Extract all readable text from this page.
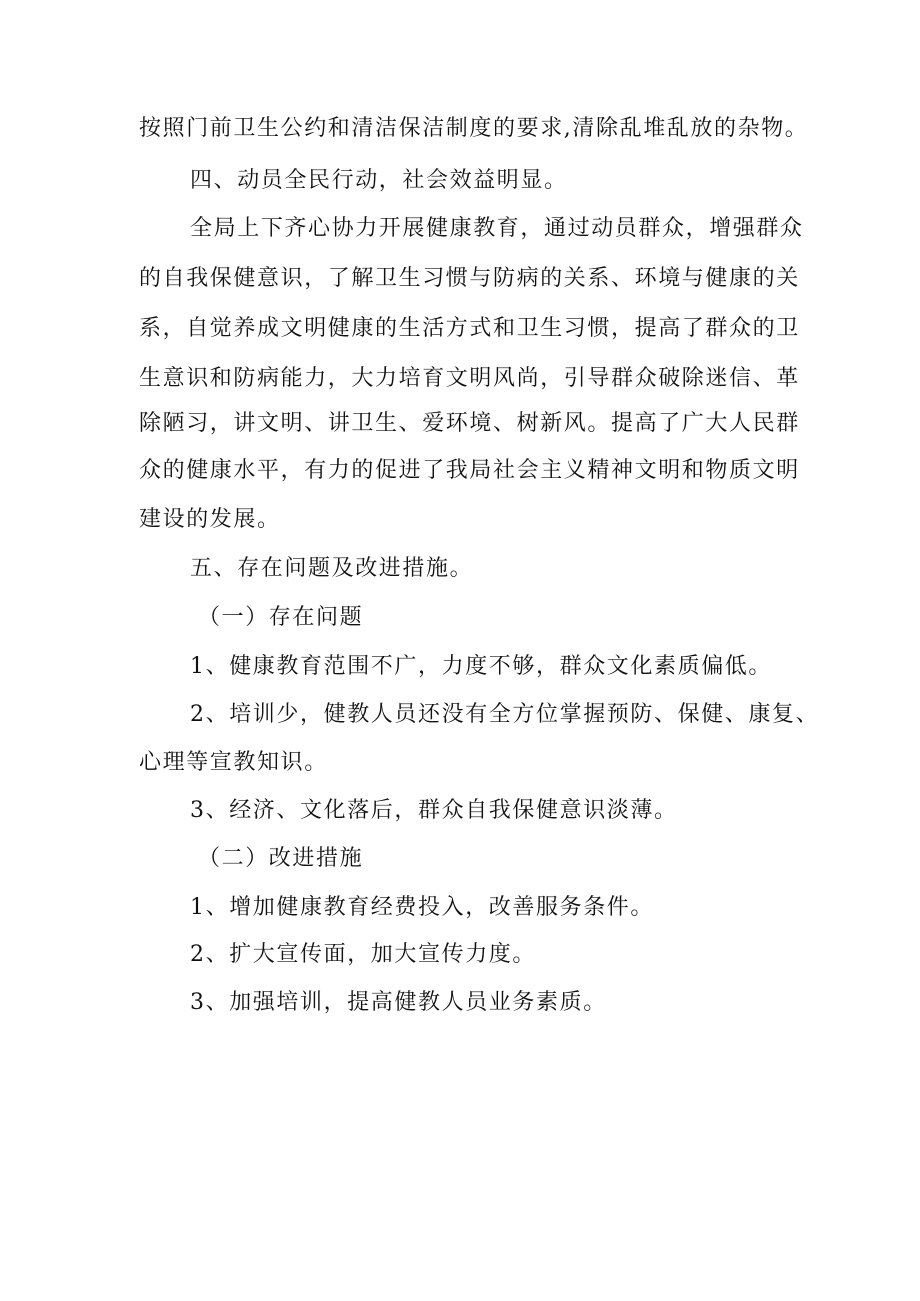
按照门前卫生公约和清洁保洁制度的要求,清除乱堆乱放的杂物。

四、动员全民行动，社会效益明显。

全局上下齐心协力开展健康教育，通过动员群众，增强群众

的自我保健意识，了解卫生习惯与防病的关系、环境与健康的关

系，自觉养成文明健康的生活方式和卫生习惯，提高了群众的卫

生意识和防病能力，大力培育文明风尚，引导群众破除迷信、革

除陋习，讲文明、讲卫生、爱环境、树新风。提高了广大人民群

众的健康水平，有力的促进了我局社会主义精神文明和物质文明

建设的发展。

五、存在问题及改进措施。

（一）存在问题

1、健康教育范围不广，力度不够，群众文化素质偏低。

2、培训少，健教人员还没有全方位掌握预防、保健、康复、

心理等宣教知识。

3、经济、文化落后，群众自我保健意识淡薄。

（二）改进措施

1、增加健康教育经费投入，改善服务条件。

2、扩大宣传面，加大宣传力度。

3、加强培训，提高健教人员业务素质。
